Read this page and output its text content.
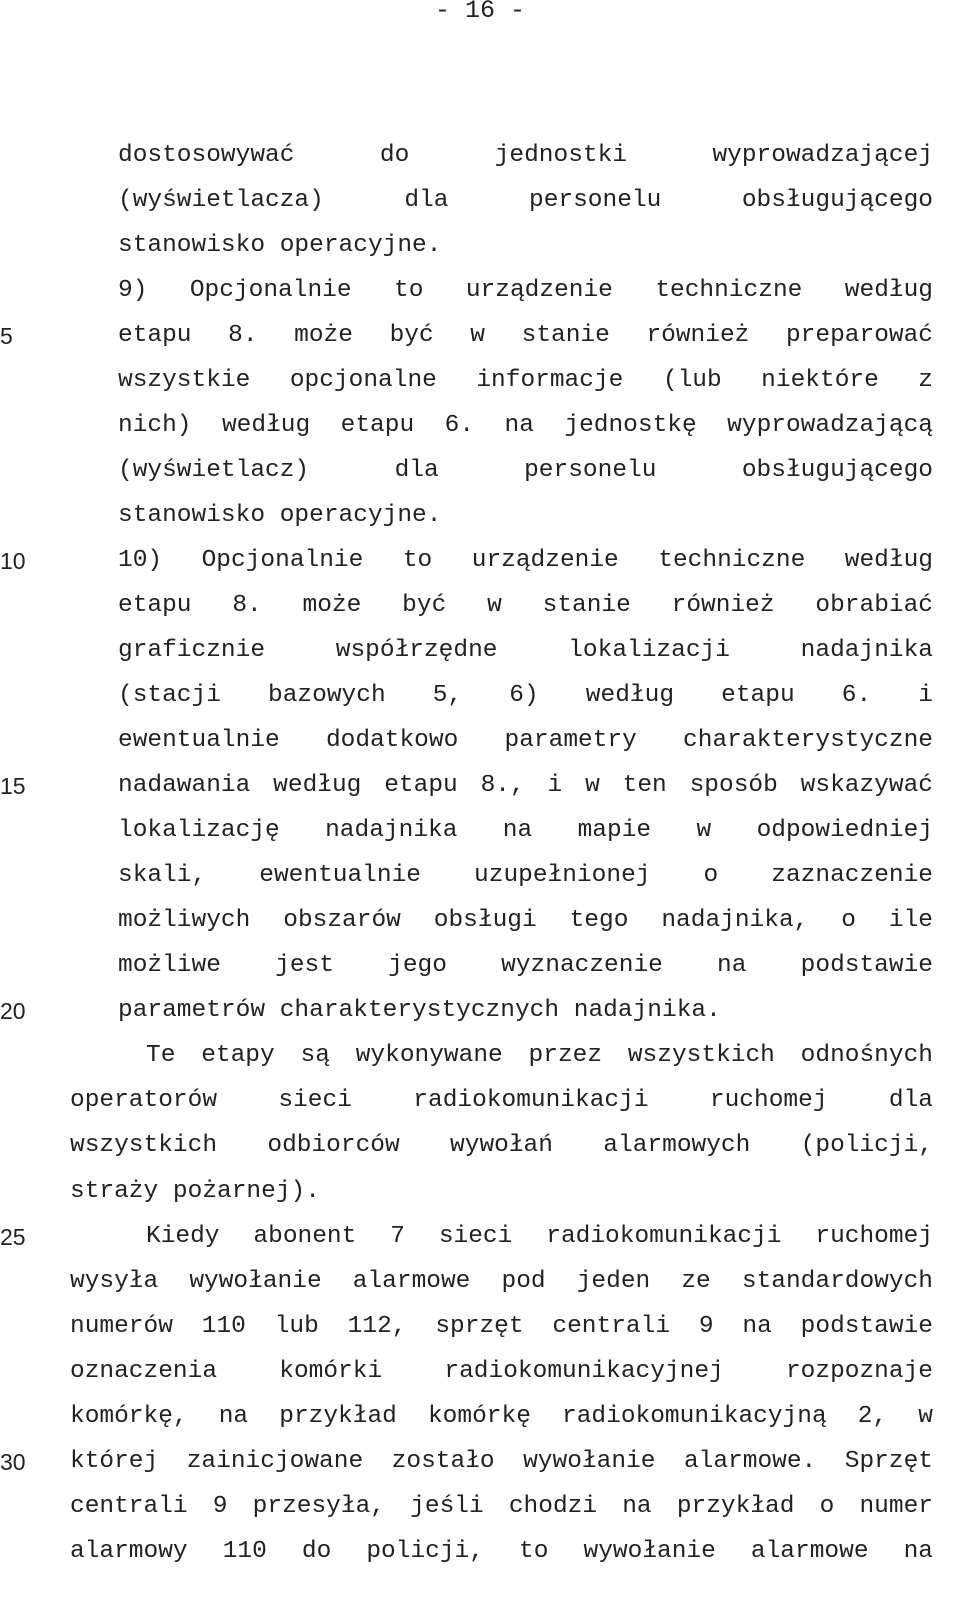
- 16 -
5
10
15
20
25
30
dostosowywać do jednostki wyprowadzającej
(wyświetlacza) dla personelu obsługującego
stanowisko operacyjne.
9) Opcjonalnie to urządzenie techniczne według
etapu 8. może być w stanie również preparować
wszystkie opcjonalne informacje (lub niektóre z
nich) według etapu 6. na jednostkę wyprowadzającą
(wyświetlacz) dla personelu obsługującego
stanowisko operacyjne.
10) Opcjonalnie to urządzenie techniczne według
etapu 8. może być w stanie również obrabiać
graficznie współrzędne lokalizacji nadajnika
(stacji bazowych 5, 6) według etapu 6. i
ewentualnie dodatkowo parametry charakterystyczne
nadawania według etapu 8., i w ten sposób wskazywać
lokalizację nadajnika na mapie w odpowiedniej
skali, ewentualnie uzupełnionej o zaznaczenie
możliwych obszarów obsługi tego nadajnika, o ile
możliwe jest jego wyznaczenie na podstawie
parametrów charakterystycznych nadajnika.
Te etapy są wykonywane przez wszystkich odnośnych
operatorów sieci radiokomunikacji ruchomej dla
wszystkich odbiorców wywołań alarmowych (policji,
straży pożarnej).
Kiedy abonent 7 sieci radiokomunikacji ruchomej
wysyła wywołanie alarmowe pod jeden ze standardowych
numerów 110 lub 112, sprzęt centrali 9 na podstawie
oznaczenia komórki radiokomunikacyjnej rozpoznaje
komórkę, na przykład komórkę radiokomunikacyjną 2, w
której zainicjowane zostało wywołanie alarmowe. Sprzęt
centrali 9 przesyła, jeśli chodzi na przykład o numer
alarmowy 110 do policji, to wywołanie alarmowe na
